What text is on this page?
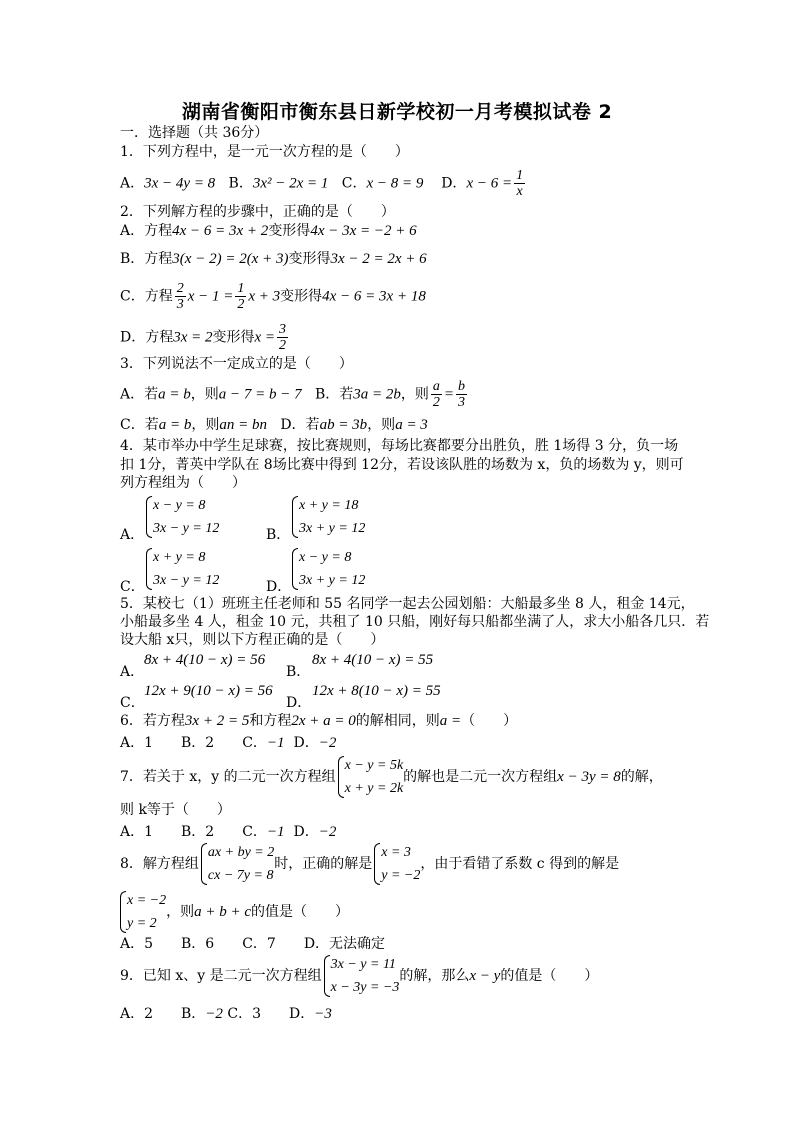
湖南省衡阳市衡东县日新学校初一月考模拟试卷 2
一．选择题（共 36分）
1．下列方程中，是一元一次方程的是（　　）
A．3x − 4y = 8 B．3x² − 2x = 1 C．x − 8 = 9 D．$x - 6 = \frac{1}{x}$
2．下列解方程的步骤中，正确的是（　　）
A．方程4x − 6 = 3x + 2变形得4x − 3x = −2 + 6
B．方程3(x − 2) = 2(x + 3)变形得3x − 2 = 2x + 6
C．方程 $\frac{2}{3}$ $x - 1 = \frac{1}{2}$ x + 3变形得4x − 6 = 3x + 18
D．方程3x = 2变形得$x = \frac{3}{2}$
3．下列说法不一定成立的是（　　）
A．若a = b，则a − 7 = b − 7 B．若3a = 2b，则 $\frac{a}{2} = \frac{b}{3}$
C．若a = b，则an = bn D．若ab = 3b，则a = 3
4．某市举办中学生足球赛，按比赛规则，每场比赛都要分出胜负，胜 1场得 3 分，负一场
扣 1分，菁英中学队在 8场比赛中得到 12分，若设该队胜的场数为 x，负的场数为 y，则可
列方程组为（　　）
A．
x − y = 8
3x − y = 12	B．
x + y = 18
3x + y = 12
C．
x + y = 8
3x − y = 12	D．
x − y = 8
3x + y = 12
5．某校七（1）班班主任老师和 55 名同学一起去公园划船：大船最多坐 8 人，租金 14元，
小船最多坐 4 人，租金 10 元，共租了 10 只船，刚好每只船都坐满了人，求大小船各几只．若
设大船 x只，则以下方程正确的是（　　）
A．
8x + 4(10 − x) = 56
B．
8x + 4(10 − x) = 55
C．
12x + 9(10 − x) = 56
D．
12x + 8(10 − x) = 55
6．若方程3x + 2 = 5和方程2x + a = 0的解相同，则a =（　　）
A．1　　B．2　　C．−1 D．−2
7．若关于 x，y 的二元一次方程组
x − y = 5k
x + y = 2k
的解也是二元一次方程组x − 3y = 8的解，
则 k等于（　　）
A．1　　B．2　　C．−1 D．−2
8．解方程组
ax + by = 2
cx − 7y = 8
时，正确的解是
x = 3
y = −2
，由于看错了系数 c 得到的解是
x = −2
y = 2
，则a + b + c的值是（　　）
A．5　　B．6　　C．7　　D．无法确定
9．已知 x、y 是二元一次方程组
3x − y = 11
x − 3y = −3
的解，那么x − y的值是（　　）
A．2　　B．−2 C．3　　D．−3
